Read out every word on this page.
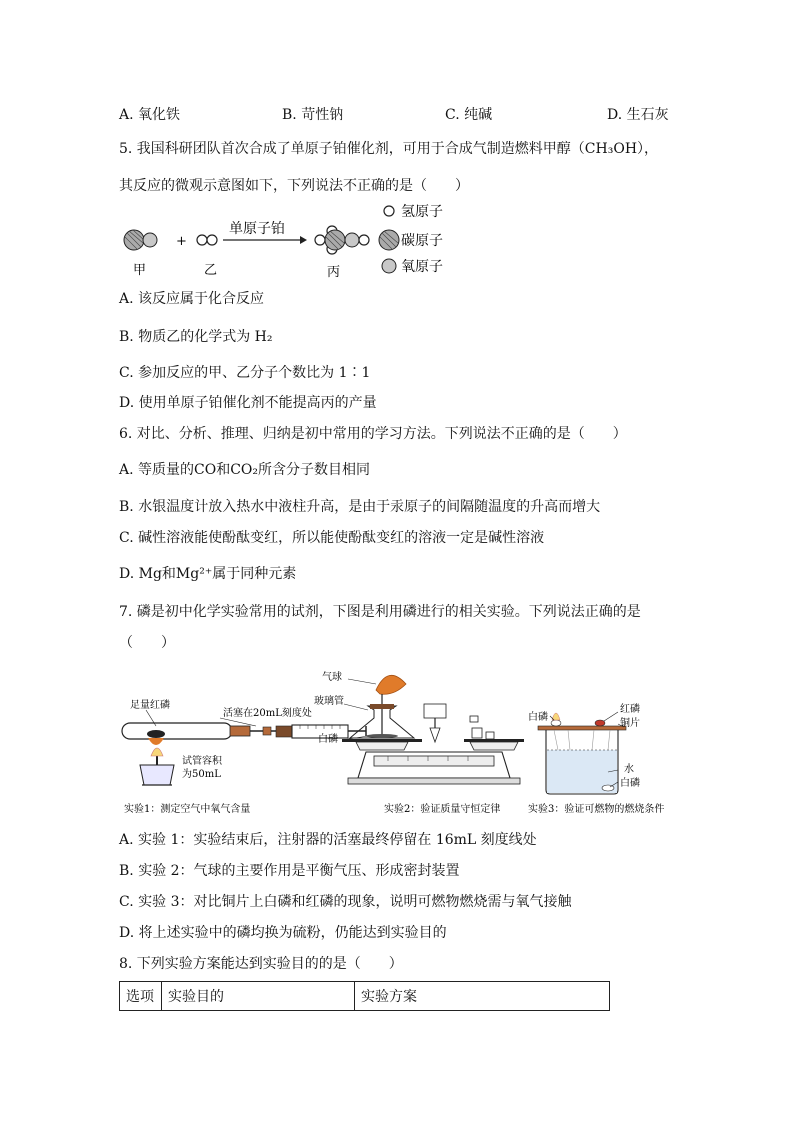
A. 氧化铁	B. 苛性钠	C. 纯碱	D. 生石灰
5. 我国科研团队首次合成了单原子铂催化剂，可用于合成气制造燃料甲醇（CH₃OH），
其反应的微观示意图如下，下列说法不正确的是（　　）
+
单原子铂
甲	乙	丙
氢原子
碳原子
氧原子
A. 该反应属于化合反应
B. 物质乙的化学式为 H₂
C. 参加反应的甲、乙分子个数比为 1∶1
D. 使用单原子铂催化剂不能提高丙的产量
6. 对比、分析、推理、归纳是初中常用的学习方法。下列说法不正确的是（　　）
A. 等质量的CO和CO₂所含分子数目相同
B. 水银温度计放入热水中液柱升高，是由于汞原子的间隔随温度的升高而增大
C. 碱性溶液能使酚酞变红，所以能使酚酞变红的溶液一定是碱性溶液
D. Mg和Mg²⁺属于同种元素
7. 磷是初中化学实验常用的试剂，下图是利用磷进行的相关实验。下列说法正确的是
（　　）
足量红磷
活塞在20mL刻度处
试管容积
为50mL
实验1：测定空气中氧气含量
气球
玻璃管
白磷
实验2：验证质量守恒定律
白磷
红磷
铜片
水
白磷
实验3：验证可燃物的燃烧条件
A. 实验 1：实验结束后，注射器的活塞最终停留在 16mL 刻度线处
B. 实验 2：气球的主要作用是平衡气压、形成密封装置
C. 实验 3：对比铜片上白磷和红磷的现象，说明可燃物燃烧需与氧气接触
D. 将上述实验中的磷均换为硫粉，仍能达到实验目的
8. 下列实验方案能达到实验目的的是（　　）
选项	实验目的	实验方案
